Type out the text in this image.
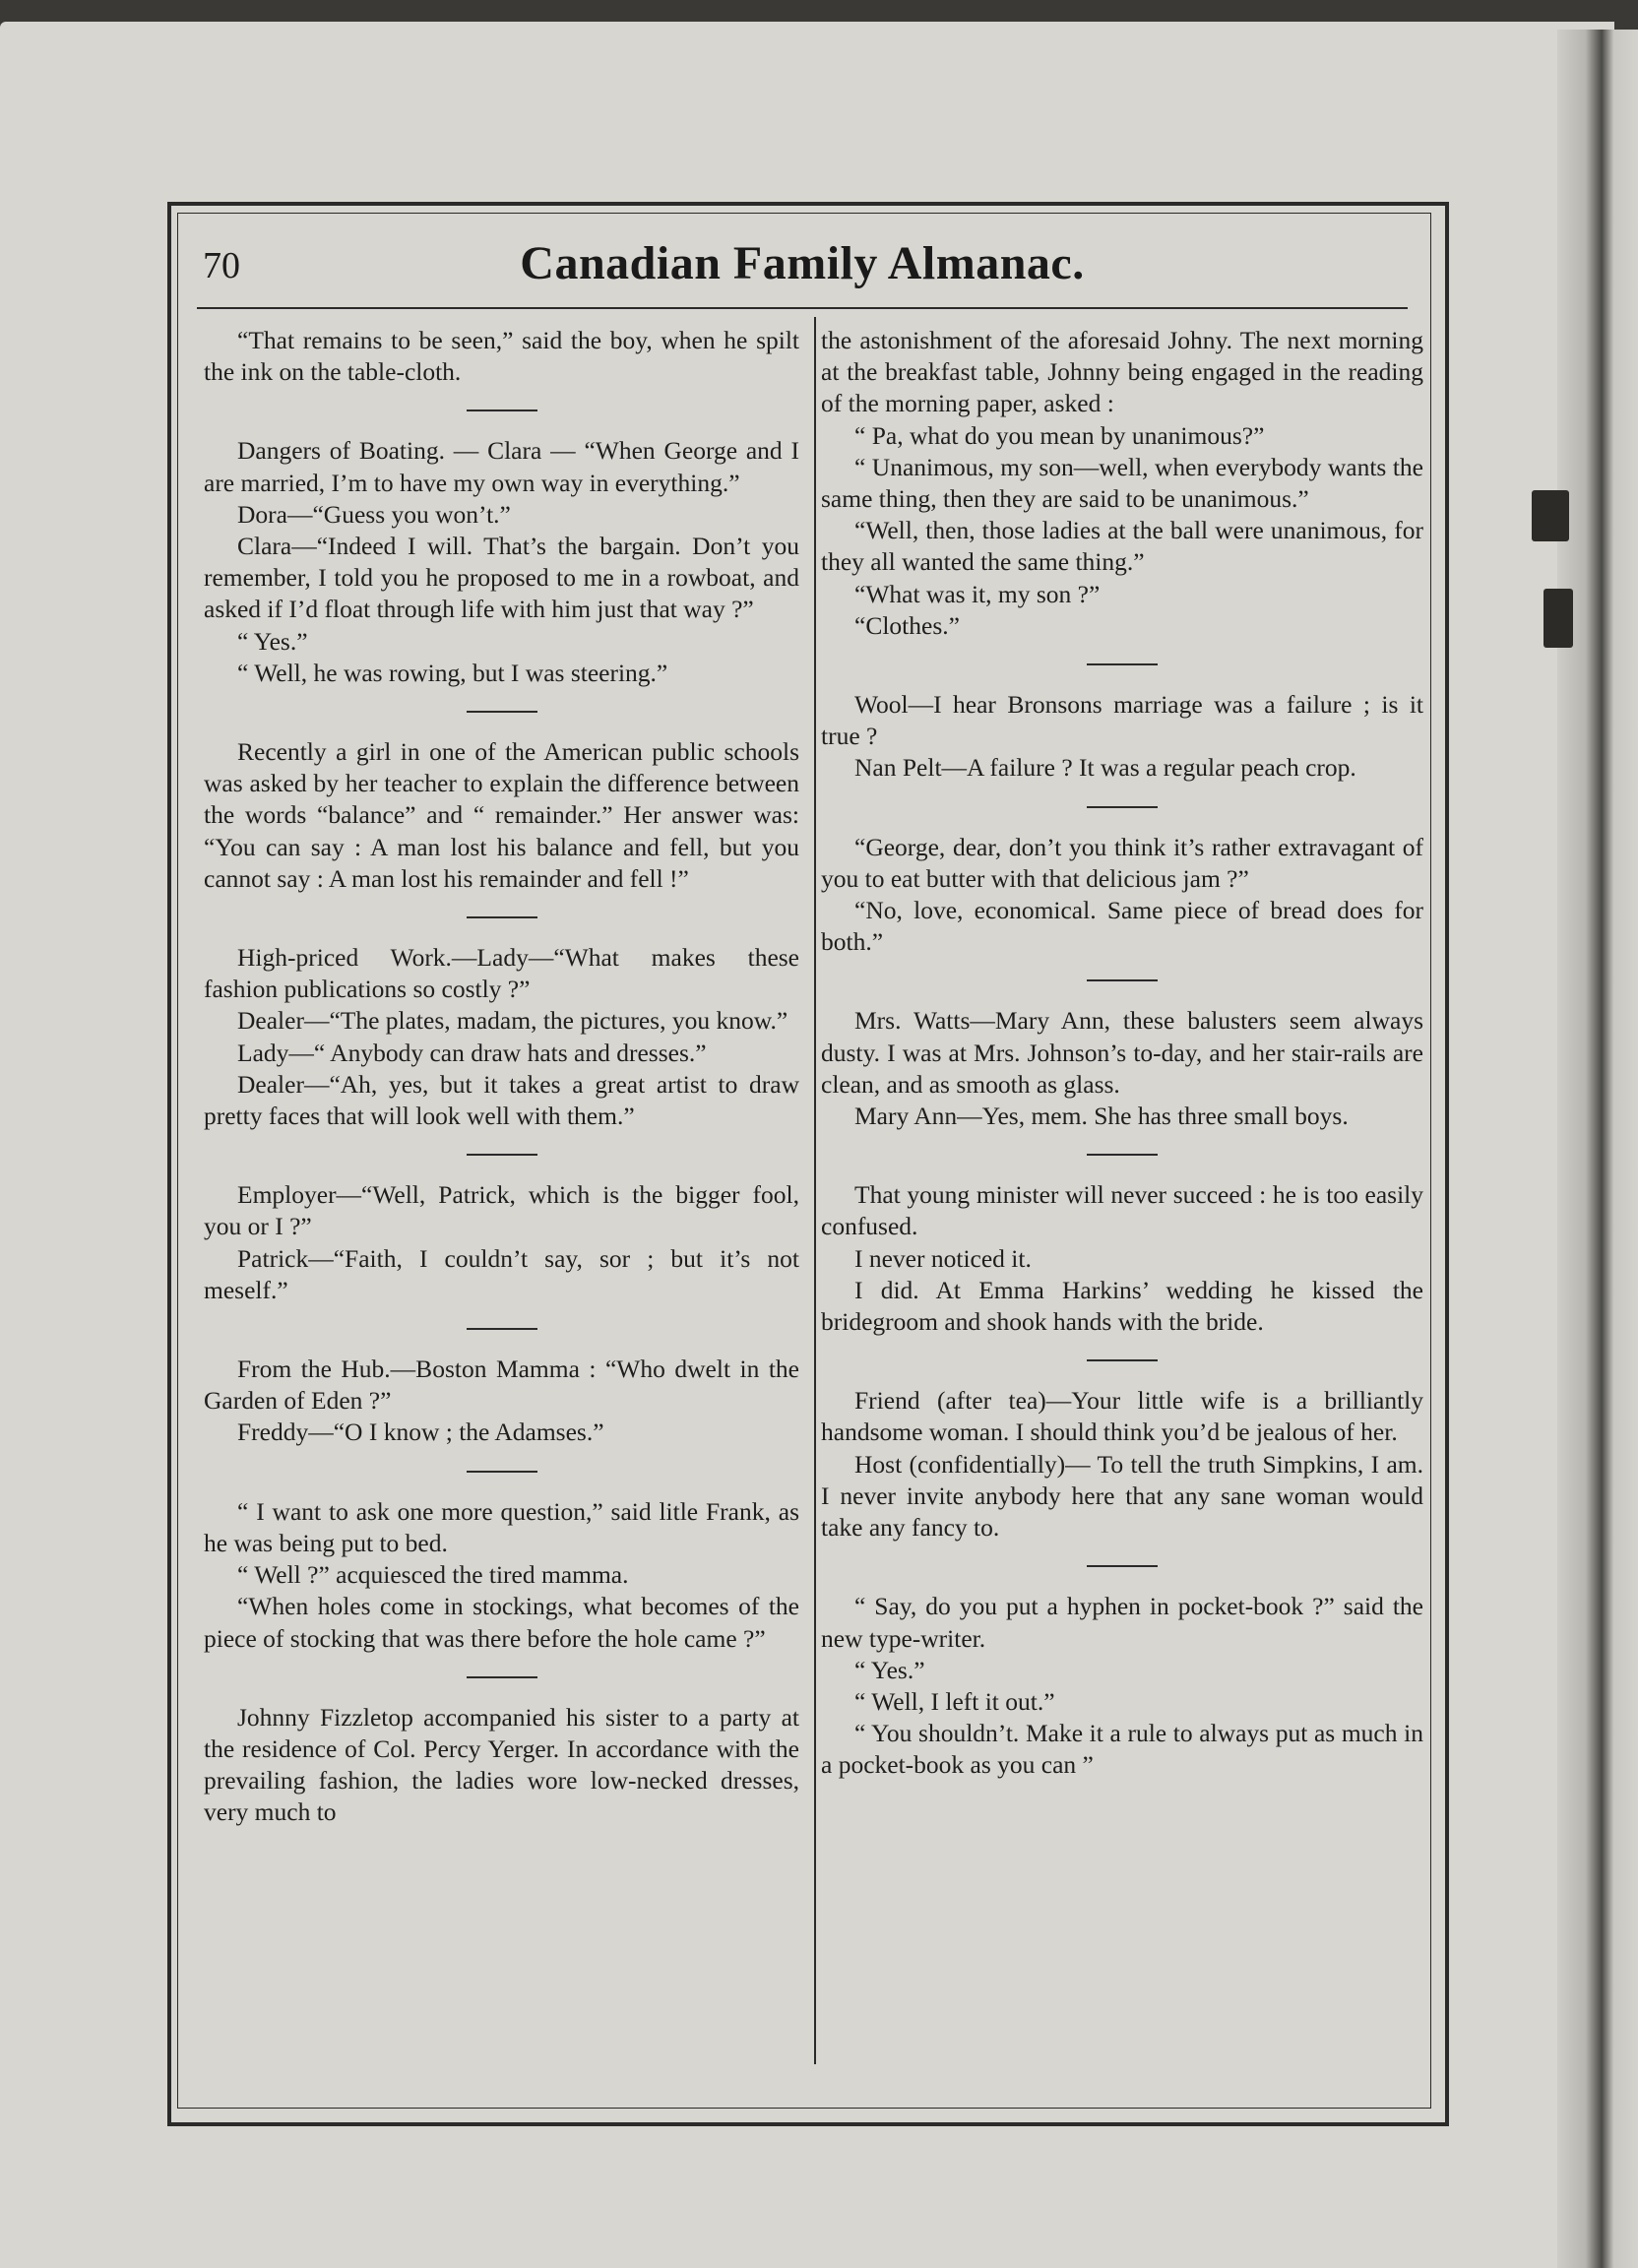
70	Canadian Family Almanac.

“That remains to be seen,” said the boy, when he spilt the ink on the table-cloth.

Dangers of Boating. — Clara — “When George and I are married, I’m to have my own way in everything.”

Dora—“Guess you won’t.”

Clara—“Indeed I will. That’s the bargain. Don’t you remember, I told you he proposed to me in a rowboat, and asked if I’d float through life with him just that way ?”

“ Yes.”

“ Well, he was rowing, but I was steering.”

Recently a girl in one of the American public schools was asked by her teacher to explain the difference between the words “balance” and “ remainder.” Her answer was: “You can say : A man lost his balance and fell, but you cannot say : A man lost his remainder and fell !”

High-priced Work.—Lady—“What makes these fashion publications so costly ?”

Dealer—“The plates, madam, the pictures, you know.”

Lady—“ Anybody can draw hats and dresses.”

Dealer—“Ah, yes, but it takes a great artist to draw pretty faces that will look well with them.”

Employer—“Well, Patrick, which is the bigger fool, you or I ?”

Patrick—“Faith, I couldn’t say, sor ; but it’s not meself.”

From the Hub.—Boston Mamma : “Who dwelt in the Garden of Eden ?”

Freddy—“O I know ; the Adamses.”

“ I want to ask one more question,” said litle Frank, as he was being put to bed.

“ Well ?” acquiesced the tired mamma.

“When holes come in stockings, what becomes of the piece of stocking that was there before the hole came ?”

Johnny Fizzletop accompanied his sister to a party at the residence of Col. Percy Yerger. In accordance with the prevailing fashion, the ladies wore low-necked dresses, very much to

the astonishment of the aforesaid Johny. The next morning at the breakfast table, Johnny being engaged in the reading of the morning paper, asked :

“ Pa, what do you mean by unanimous?”

“ Unanimous, my son—well, when everybody wants the same thing, then they are said to be unanimous.”

“Well, then, those ladies at the ball were unanimous, for they all wanted the same thing.”

“What was it, my son ?”

“Clothes.”

Wool—I hear Bronsons marriage was a failure ; is it true ?

Nan Pelt—A failure ? It was a regular peach crop.

“George, dear, don’t you think it’s rather extravagant of you to eat butter with that delicious jam ?”

“No, love, economical. Same piece of bread does for both.”

Mrs. Watts—Mary Ann, these balusters seem always dusty. I was at Mrs. Johnson’s to-day, and her stair-rails are clean, and as smooth as glass.

Mary Ann—Yes, mem. She has three small boys.

That young minister will never succeed : he is too easily confused.

I never noticed it.

I did. At Emma Harkins’ wedding he kissed the bridegroom and shook hands with the bride.

Friend (after tea)—Your little wife is a brilliantly handsome woman. I should think you’d be jealous of her.

Host (confidentially)— To tell the truth Simpkins, I am. I never invite anybody here that any sane woman would take any fancy to.

“ Say, do you put a hyphen in pocket-book ?” said the new type-writer.

“ Yes.”

“ Well, I left it out.”

“ You shouldn’t. Make it a rule to always put as much in a pocket-book as you can ”
